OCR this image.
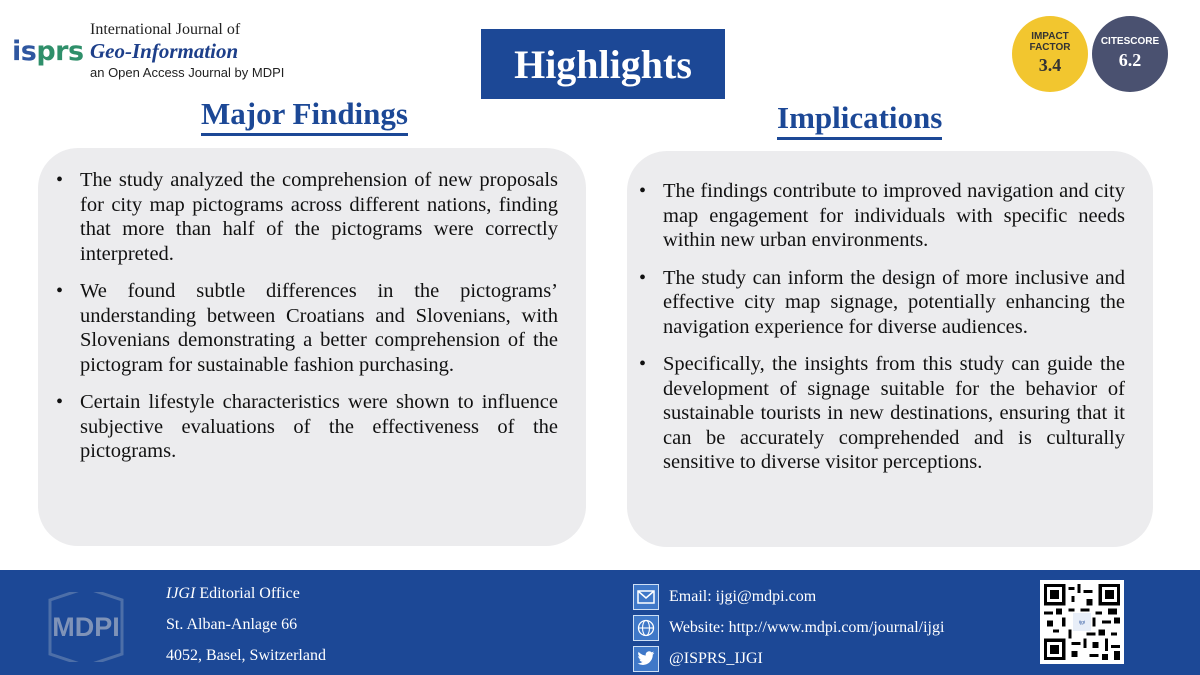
isprs
International Journal of
Geo-Information
an Open Access Journal by MDPI	Highlights
IMPACT
FACTOR
3.4
CITESCORE
6.2
Major Findings	Implications
• The study analyzed the comprehension of new proposals for city map pictograms across different nations, finding that more than half of the pictograms were correctly interpreted.
• We found subtle differences in the pictograms’ understanding between Croatians and Slovenians, with Slovenians demonstrating a better comprehension of the pictogram for sustainable fashion purchasing.
• Certain lifestyle characteristics were shown to influence subjective evaluations of the effectiveness of the pictograms.
• The findings contribute to improved navigation and city map engagement for individuals with specific needs within new urban environments.
• The study can inform the design of more inclusive and effective city map signage, potentially enhancing the navigation experience for diverse audiences.
• Specifically, the insights from this study can guide the development of signage suitable for the behavior of sustainable tourists in new destinations, ensuring that it can be accurately comprehended and is culturally sensitive to diverse visitor perceptions.
MDPI
IJGI Editorial Office
St. Alban-Anlage 66
4052, Basel, Switzerland
Email: ijgi@mdpi.com
Website: http://www.mdpi.com/journal/ijgi
@ISPRS_IJGI
ijgi
